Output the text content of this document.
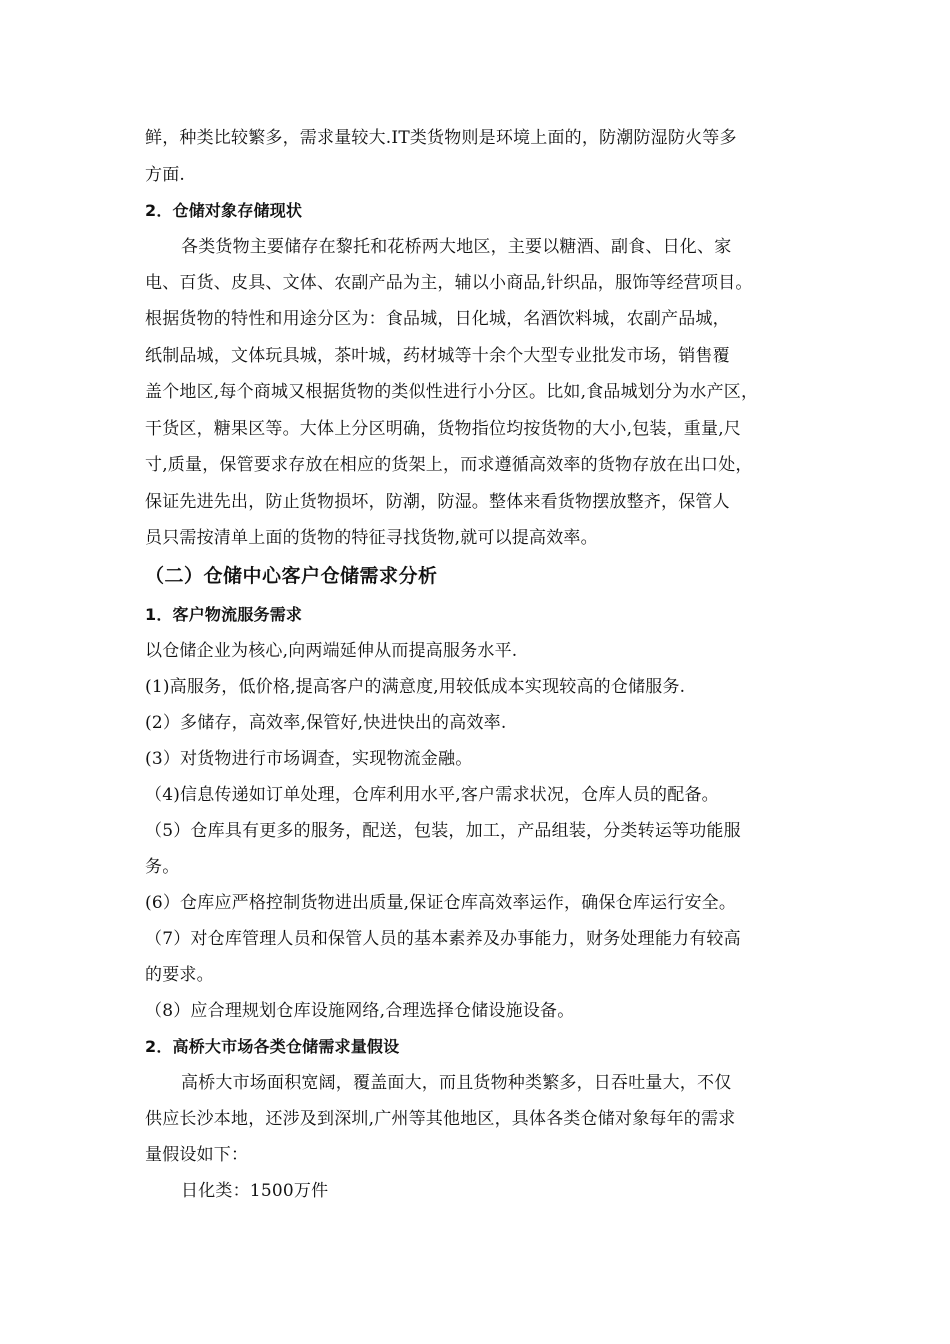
鲜，种类比较繁多，需求量较大.IT类货物则是环境上面的，防潮防湿防火等多
方面.
2．仓储对象存储现状
各类货物主要储存在黎托和花桥两大地区，主要以糖酒、副食、日化、家
电、百货、皮具、文体、农副产品为主，辅以小商品,针织品，服饰等经营项目。
根据货物的特性和用途分区为：食品城，日化城，名酒饮料城，农副产品城，
纸制品城，文体玩具城，茶叶城，药材城等十余个大型专业批发市场，销售覆
盖个地区,每个商城又根据货物的类似性进行小分区。比如,食品城划分为水产区，
干货区，糖果区等。大体上分区明确，货物指位均按货物的大小,包装，重量,尺
寸,质量，保管要求存放在相应的货架上，而求遵循高效率的货物存放在出口处，
保证先进先出，防止货物损坏，防潮，防湿。整体来看货物摆放整齐，保管人
员只需按清单上面的货物的特征寻找货物,就可以提高效率。
（二）仓储中心客户仓储需求分析
1．客户物流服务需求
以仓储企业为核心,向两端延伸从而提高服务水平.
(1)高服务，低价格,提高客户的满意度,用较低成本实现较高的仓储服务.
(2）多储存，高效率,保管好,快进快出的高效率.
(3）对货物进行市场调查，实现物流金融。
（4)信息传递如订单处理，仓库利用水平,客户需求状况，仓库人员的配备。
（5）仓库具有更多的服务，配送，包装，加工，产品组装，分类转运等功能服
务。
(6）仓库应严格控制货物进出质量,保证仓库高效率运作，确保仓库运行安全。
（7）对仓库管理人员和保管人员的基本素养及办事能力，财务处理能力有较高
的要求。
（8）应合理规划仓库设施网络,合理选择仓储设施设备。
2．高桥大市场各类仓储需求量假设
高桥大市场面积宽阔，覆盖面大，而且货物种类繁多，日吞吐量大，不仅
供应长沙本地，还涉及到深圳,广州等其他地区，具体各类仓储对象每年的需求
量假设如下：
日化类：1500万件
